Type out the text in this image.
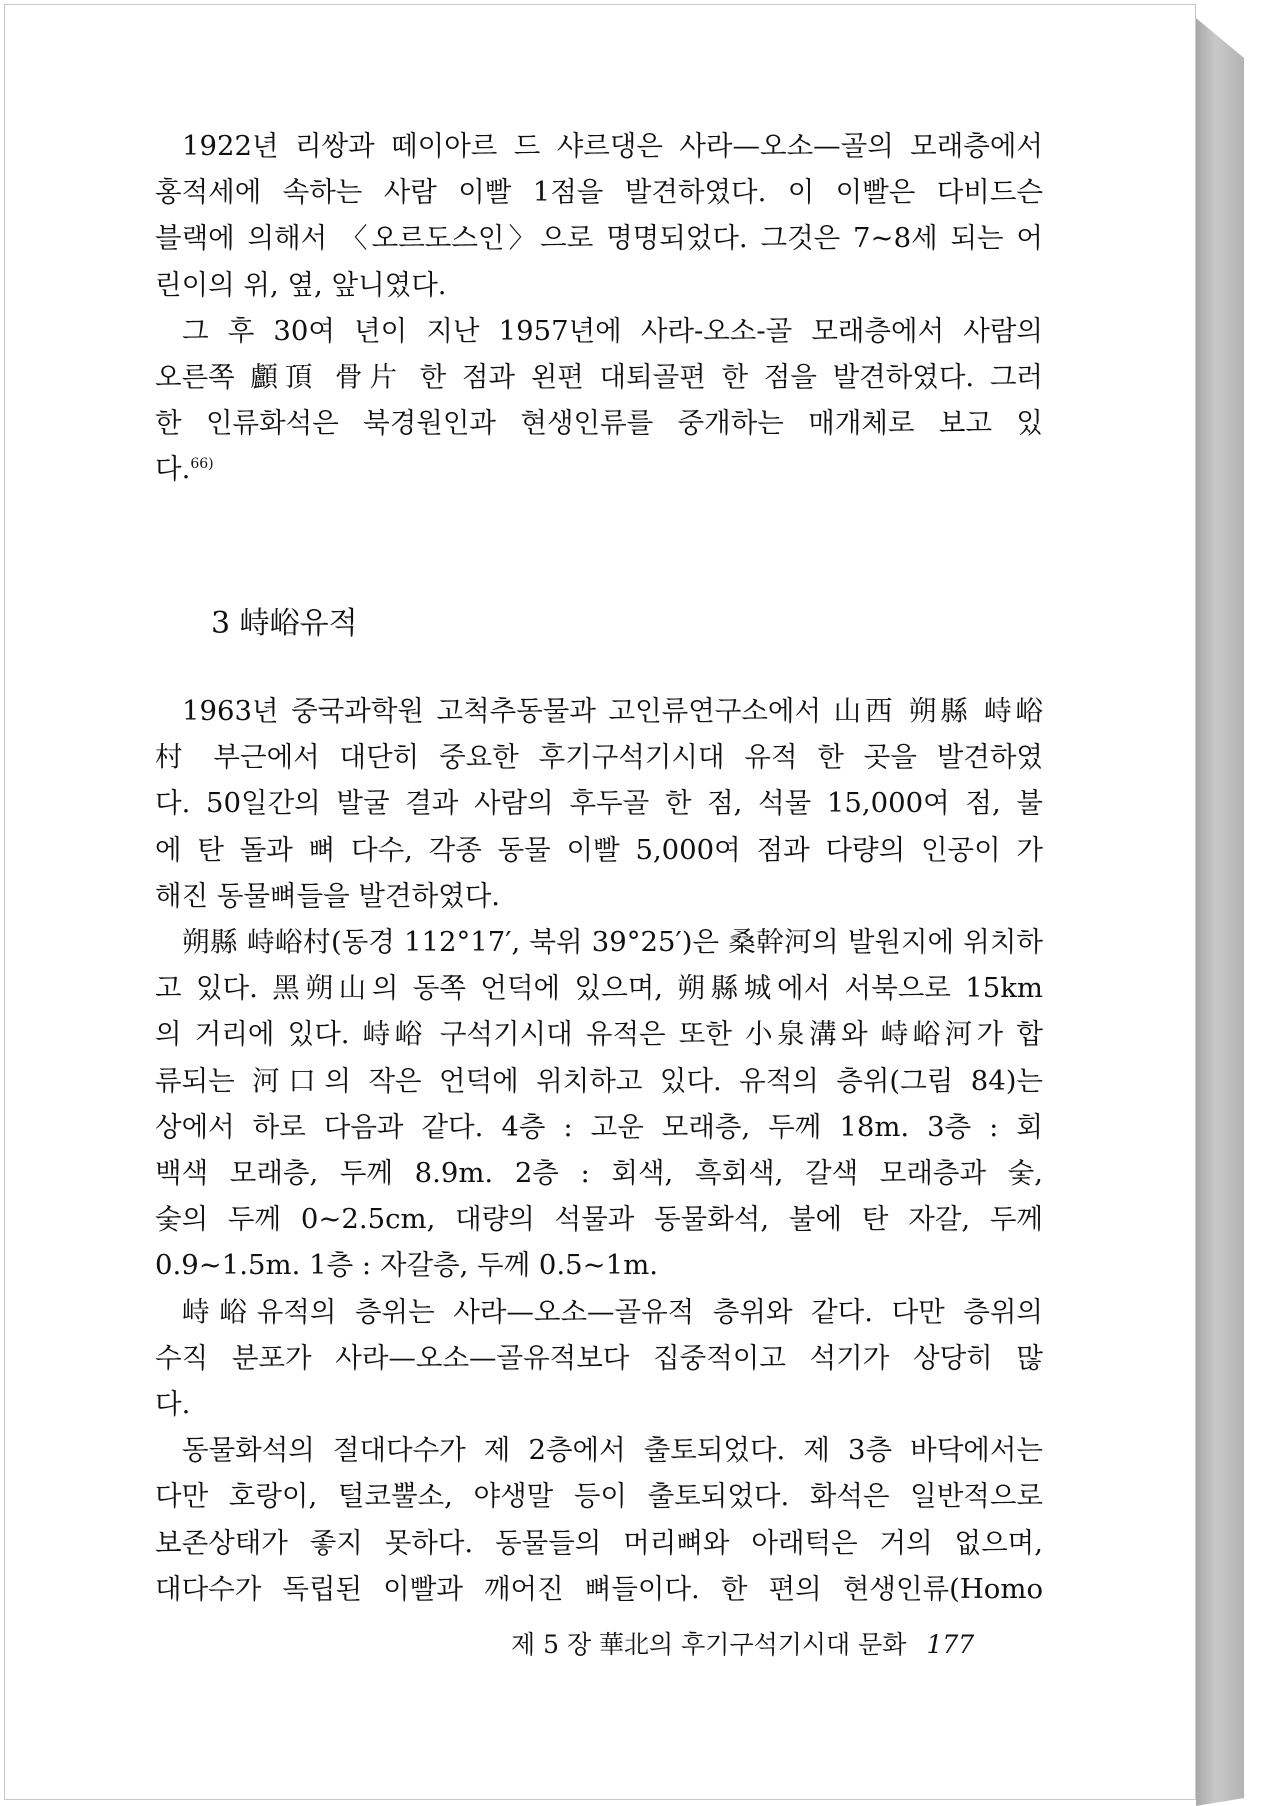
1922년 리쌍과 떼이아르 드 샤르댕은 사라—오소—골의 모래층에서
홍적세에 속하는 사람 이빨 1점을 발견하였다. 이 이빨은 다비드슨
블랙에 의해서 〈오르도스인〉으로 명명되었다. 그것은 7~8세 되는 어
린이의 위, 옆, 앞니였다.

그 후 30여 년이 지난 1957년에 사라-오소-골 모래층에서 사람의
오른쪽 顱頂 骨片 한 점과 왼편 대퇴골편 한 점을 발견하였다. 그러
한 인류화석은 북경원인과 현생인류를 중개하는 매개체로 보고 있
다.$^{66)}$

3 峙峪유적

1963년 중국과학원 고척추동물과 고인류연구소에서 山西 朔縣 峙峪
村 부근에서 대단히 중요한 후기구석기시대 유적 한 곳을 발견하였
다. 50일간의 발굴 결과 사람의 후두골 한 점, 석물 15,000여 점, 불
에 탄 돌과 뼈 다수, 각종 동물 이빨 5,000여 점과 다량의 인공이 가
해진 동물뼈들을 발견하였다.

朔縣 峙峪村(동경 112°17′, 북위 39°25′)은 桑幹河의 발원지에 위치하
고 있다. 黑朔山의 동쪽 언덕에 있으며, 朔縣城에서 서북으로 15km
의 거리에 있다. 峙峪 구석기시대 유적은 또한 小泉溝와 峙峪河가 합
류되는 河口의 작은 언덕에 위치하고 있다. 유적의 층위(그림 84)는
상에서 하로 다음과 같다. 4층 : 고운 모래층, 두께 18m. 3층 : 회
백색 모래층, 두께 8.9m. 2층 : 회색, 흑회색, 갈색 모래층과 숯,
숯의 두께 0~2.5cm, 대량의 석물과 동물화석, 불에 탄 자갈, 두께
0.9~1.5m. 1층 : 자갈층, 두께 0.5~1m.

峙峪유적의 층위는 사라—오소—골유적 층위와 같다. 다만 층위의
수직 분포가 사라—오소—골유적보다 집중적이고 석기가 상당히 많
다.

동물화석의 절대다수가 제 2층에서 출토되었다. 제 3층 바닥에서는
다만 호랑이, 털코뿔소, 야생말 등이 출토되었다. 화석은 일반적으로
보존상태가 좋지 못하다. 동물들의 머리뼈와 아래턱은 거의 없으며,
대다수가 독립된 이빨과 깨어진 뼈들이다. 한 편의 현생인류(Homo

제 5 장 華北의 후기구석기시대 문화 177
